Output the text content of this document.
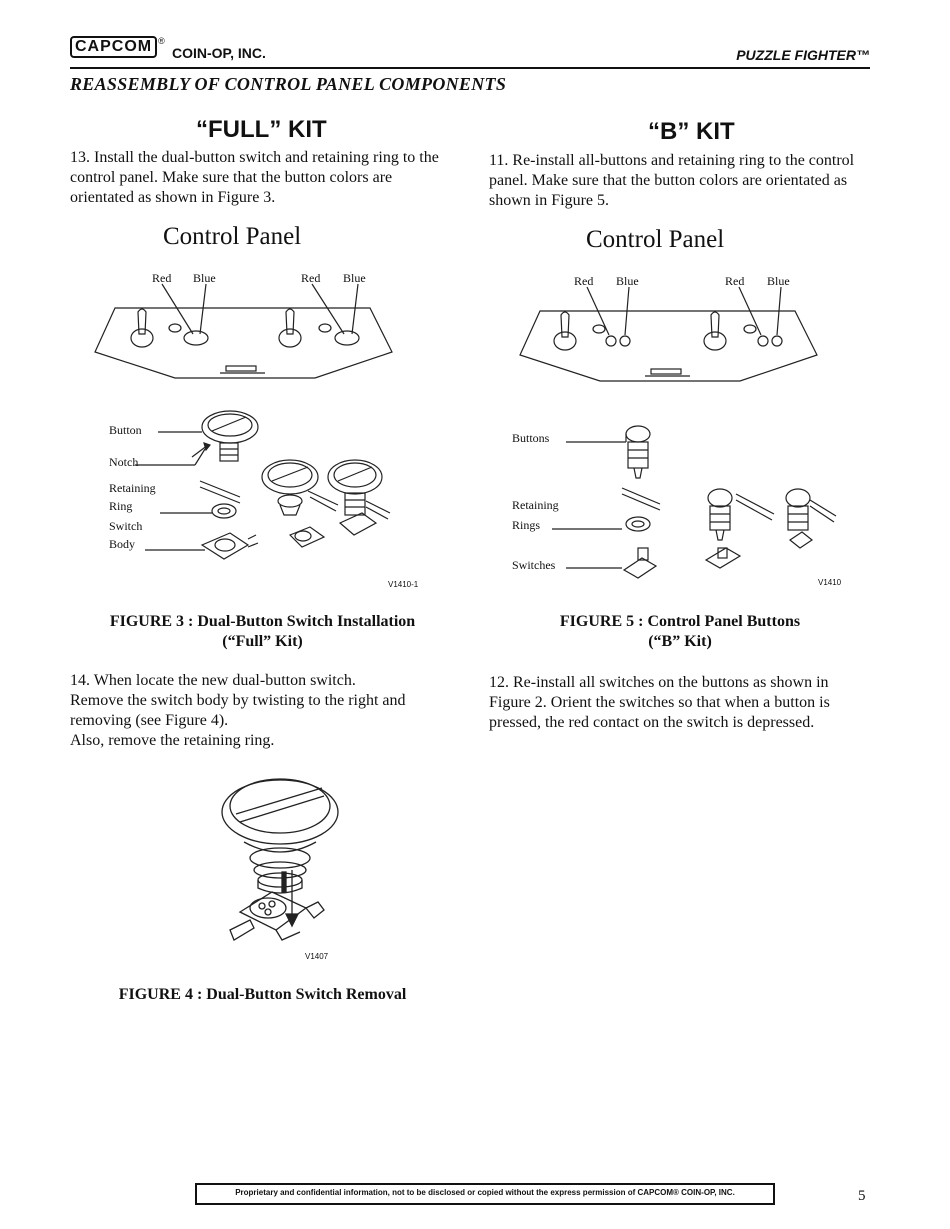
CAPCOM ®
COIN-OP, INC.	PUZZLE FIGHTER™
REASSEMBLY OF CONTROL PANEL COMPONENTS
“FULL” KIT
13. Install the dual-button switch and retaining ring to the
control panel. Make sure that the button colors are
orientated as shown in Figure 3.
Control Panel
Red Blue	Red Blue
Button
Notch
Retaining
Ring
Switch
Body
V1410-1
FIGURE 3 : Dual-Button Switch Installation
(“Full” Kit)
14. When locate the new dual-button switch.
Remove the switch body by twisting to the right and
removing (see Figure 4).
Also, remove the retaining ring.
V1407
FIGURE 4 : Dual-Button Switch Removal
“B” KIT
11. Re-install all-buttons and retaining ring to the control
panel. Make sure that the button colors are orientated as
shown in Figure 5.
Control Panel
Red Blue	Red Blue
Buttons
Retaining
Rings
Switches
V1410
FIGURE 5 : Control Panel Buttons
(“B” Kit)
12. Re-install all switches on the buttons as shown in
Figure 2. Orient the switches so that when a button is
pressed, the red contact on the switch is depressed.
Proprietary and confidential information, not to be disclosed or copied without the express permission of CAPCOM® COIN-OP, INC.	5
